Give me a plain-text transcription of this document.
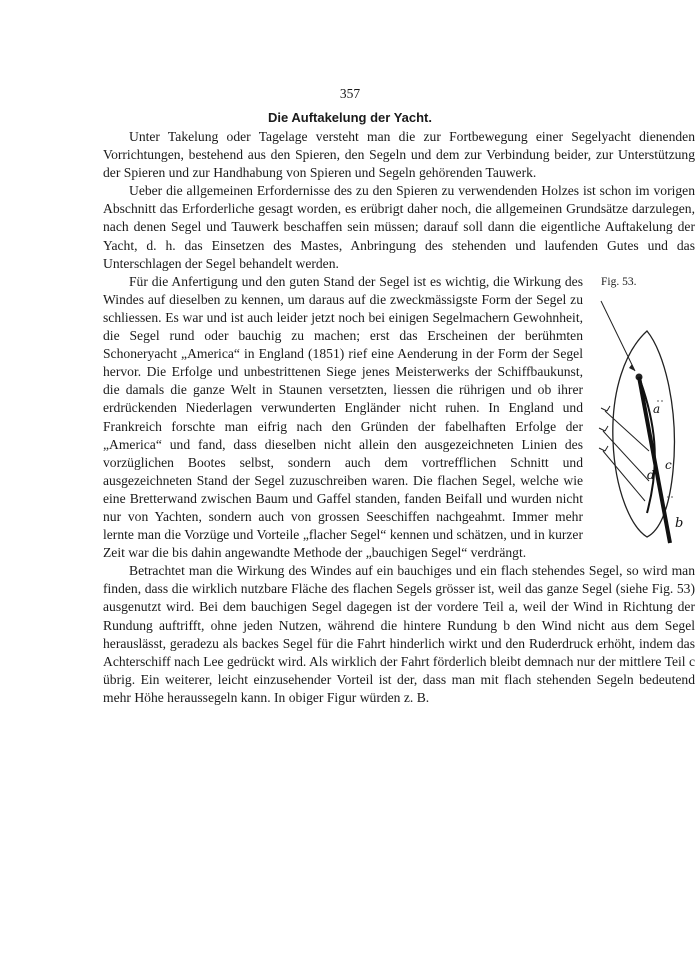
357
Die Auftakelung der Yacht.

Unter Takelung oder Tagelage versteht man die zur Fortbewegung einer Segelyacht dienenden Vorrichtungen, bestehend aus den Spieren, den Segeln und dem zur Verbindung beider, zur Unterstützung der Spieren und zur Handhabung von Spieren und Segeln gehörenden Tauwerk.

Ueber die allgemeinen Erfordernisse des zu den Spieren zu verwendenden Holzes ist schon im vorigen Abschnitt das Erforderliche gesagt worden, es erübrigt daher noch, die allgemeinen Grundsätze darzulegen, nach denen Segel und Tauwerk beschaffen sein müssen; darauf soll dann die eigentliche Auftakelung der Yacht, d. h. das Einsetzen des Mastes, Anbringung des stehenden und laufenden Gutes und das Unterschlagen der Segel behandelt werden.

Fig. 53.
a
c
d
b

Für die Anfertigung und den guten Stand der Segel ist es wichtig, die Wirkung des Windes auf dieselben zu kennen, um daraus auf die zweckmässigste Form der Segel zu schliessen. Es war und ist auch leider jetzt noch bei einigen Segelmachern Gewohnheit, die Segel rund oder bauchig zu machen; erst das Erscheinen der berühmten Schoneryacht „America“ in England (1851) rief eine Aenderung in der Form der Segel hervor. Die Erfolge und unbestrittenen Siege jenes Meisterwerks der Schiffbaukunst, die damals die ganze Welt in Staunen versetzten, liessen die rührigen und ob ihrer erdrückenden Niederlagen verwunderten Engländer nicht ruhen. In England und Frankreich forschte man eifrig nach den Gründen der fabelhaften Erfolge der „America“ und fand, dass dieselben nicht allein den ausgezeichneten Linien des vorzüglichen Bootes selbst, sondern auch dem vortrefflichen Schnitt und ausgezeichneten Stand der Segel zuzuschreiben waren. Die flachen Segel, welche wie eine Bretterwand zwischen Baum und Gaffel standen, fanden Beifall und wurden nicht nur von Yachten, sondern auch von grossen Seeschiffen nachgeahmt. Immer mehr lernte man die Vorzüge und Vorteile „flacher Segel“ kennen und schätzen, und in kurzer Zeit war die bis dahin angewandte Methode der „bauchigen Segel“ verdrängt.

Betrachtet man die Wirkung des Windes auf ein bauchiges und ein flach stehendes Segel, so wird man finden, dass die wirklich nutzbare Fläche des flachen Segels grösser ist, weil das ganze Segel (siehe Fig. 53) ausgenutzt wird. Bei dem bauchigen Segel dagegen ist der vordere Teil a, weil der Wind in Richtung der Rundung auftrifft, ohne jeden Nutzen, während die hintere Rundung b den Wind nicht aus dem Segel herauslässt, geradezu als backes Segel für die Fahrt hinderlich wirkt und den Ruderdruck erhöht, indem das Achterschiff nach Lee gedrückt wird. Als wirklich der Fahrt förderlich bleibt demnach nur der mittlere Teil c übrig. Ein weiterer, leicht einzusehender Vorteil ist der, dass man mit flach stehenden Segeln bedeutend mehr Höhe heraussegeln kann. In obiger Figur würden z. B.
